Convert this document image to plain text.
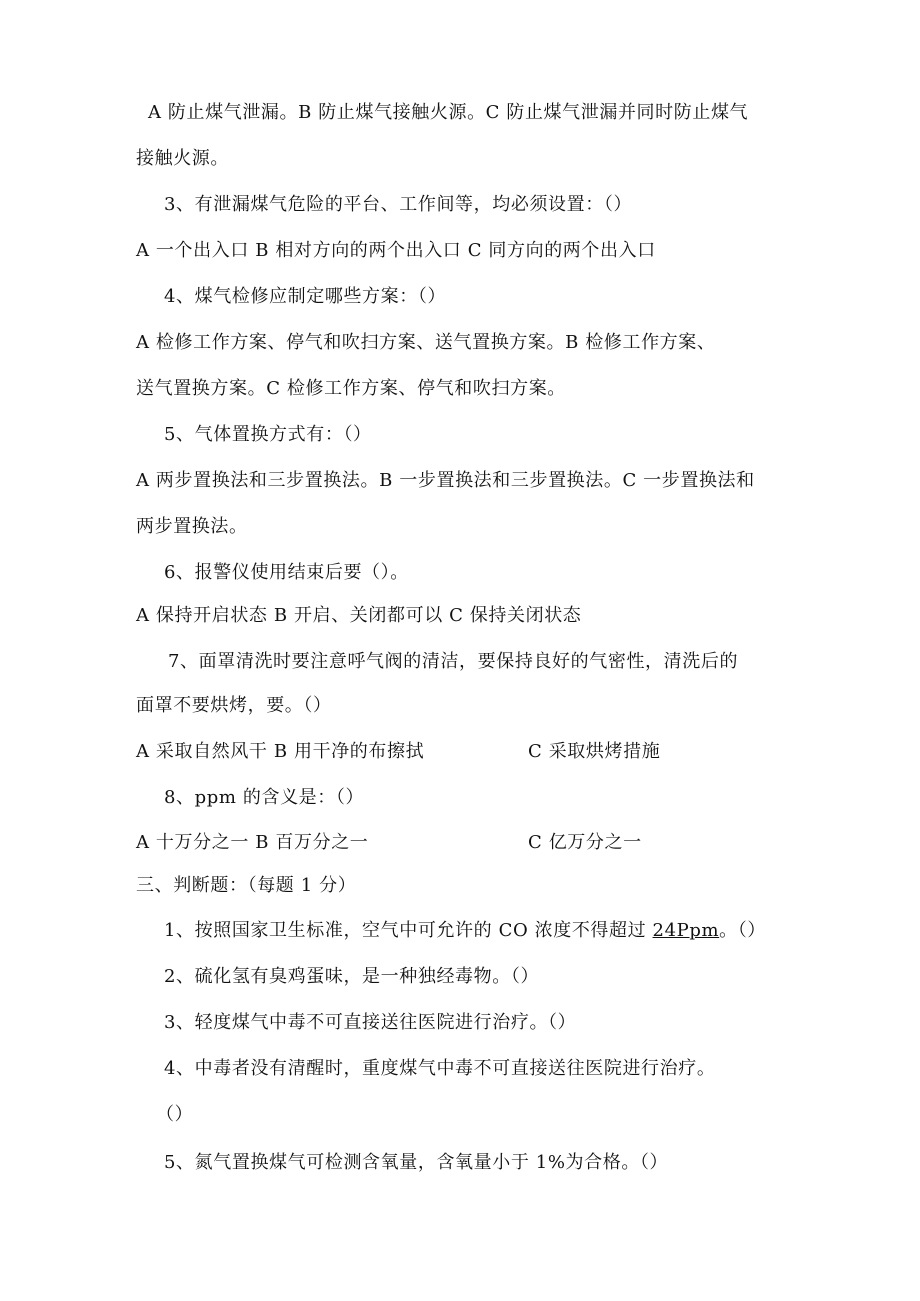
A 防止煤气泄漏。B 防止煤气接触火源。C 防止煤气泄漏并同时防止煤气
接触火源。
3、有泄漏煤气危险的平台、工作间等，均必须设置：（）
A 一个出入口 B 相对方向的两个出入口 C 同方向的两个出入口
4、煤气检修应制定哪些方案：（）
A 检修工作方案、停气和吹扫方案、送气置换方案。B 检修工作方案、
送气置换方案。C 检修工作方案、停气和吹扫方案。
5、气体置换方式有：（）
A 两步置换法和三步置换法。B 一步置换法和三步置换法。C 一步置换法和
两步置换法。
6、报警仪使用结束后要（）。
A 保持开启状态 B 开启、关闭都可以 C 保持关闭状态
7、面罩清洗时要注意呼气阀的清洁，要保持良好的气密性，清洗后的
面罩不要烘烤，要。（）
A 采取自然风干 B 用干净的布擦拭	C 采取烘烤措施
8、ppm 的含义是：（）
A 十万分之一 B 百万分之一	C 亿万分之一
三、判断题：（每题 1 分）
1、按照国家卫生标准，空气中可允许的 CO 浓度不得超过 24Ppm。（）
2、硫化氢有臭鸡蛋味，是一种独经毒物。（）
3、轻度煤气中毒不可直接送往医院进行治疗。（）
4、中毒者没有清醒时，重度煤气中毒不可直接送往医院进行治疗。
（）
5、氮气置换煤气可检测含氧量，含氧量小于 1%为合格。（）
